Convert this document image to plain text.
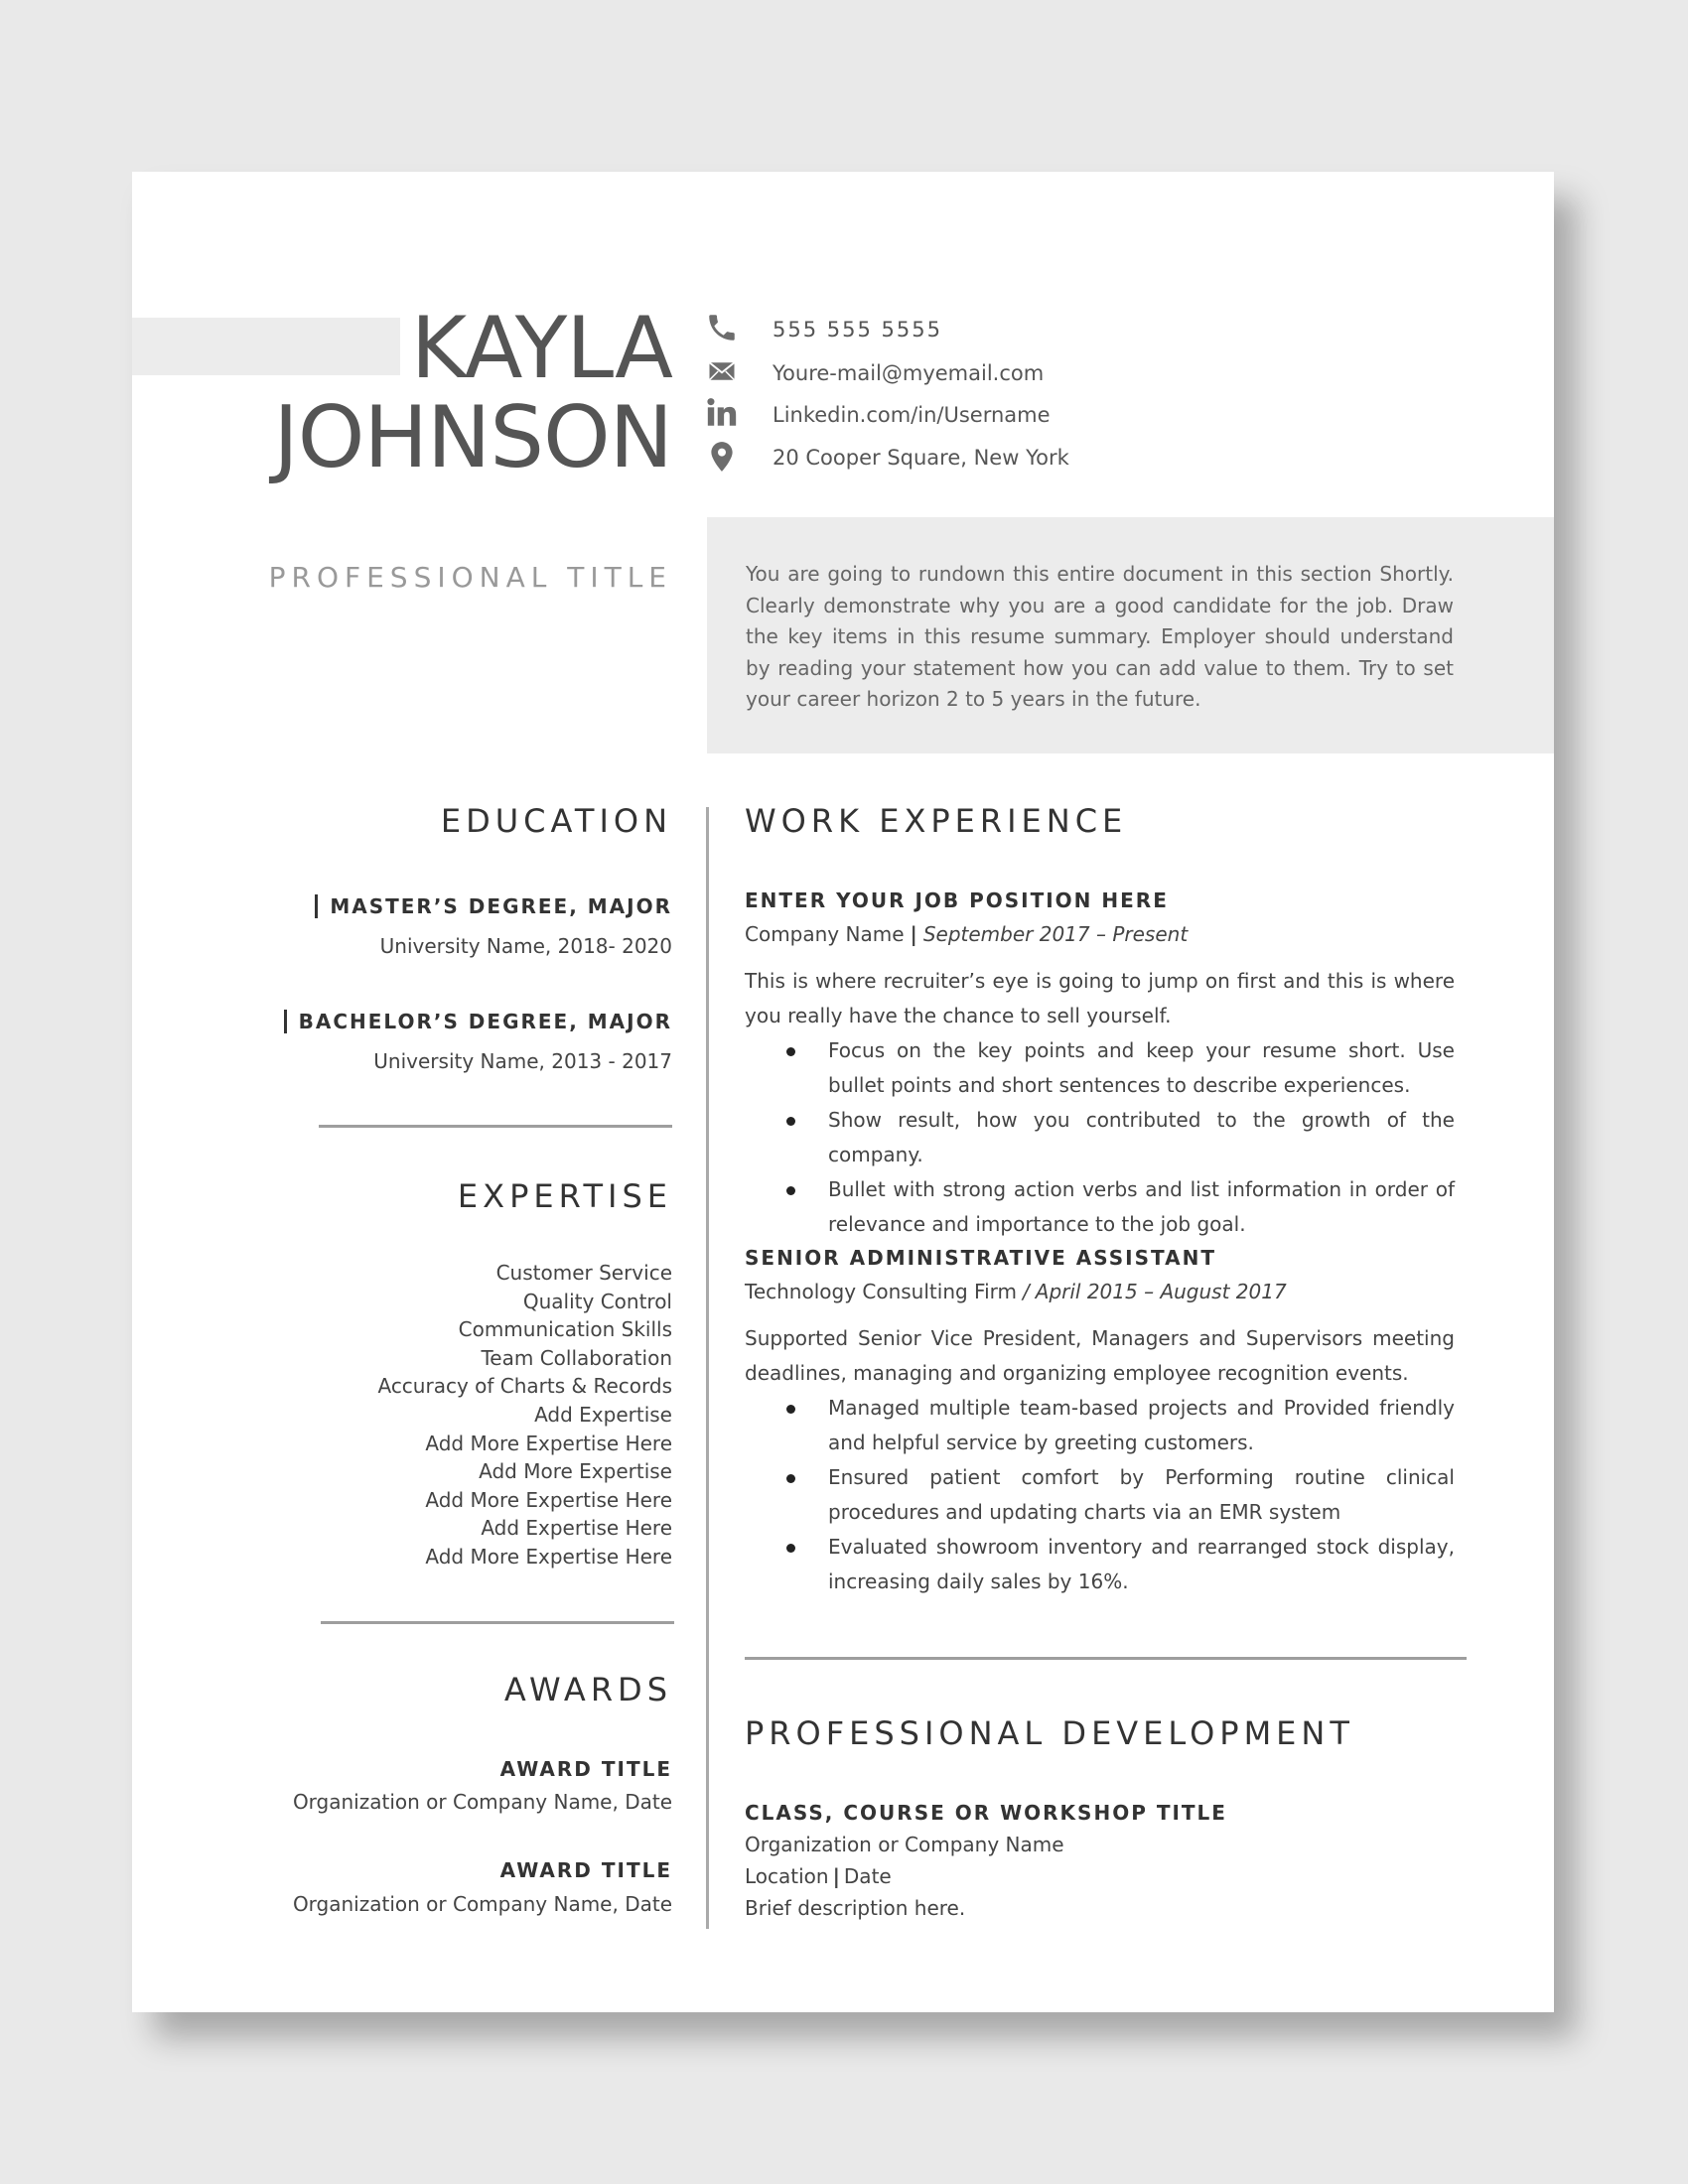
KAYLA
JOHNSON
555 555 5555
Youre-mail@myemail.com
Linkedin.com/in/Username
20 Cooper Square, New York
PROFESSIONAL TITLE	You are going to rundown this entire document in this section Shortly. Clearly demonstrate why you are a good candidate for the job. Draw the key items in this resume summary. Employer should understand by reading your statement how you can add value to them. Try to set your career horizon 2 to 5 years in the future.
EDUCATION
MASTER’S DEGREE, MAJOR
University Name, 2018- 2020
BACHELOR’S DEGREE, MAJOR
University Name, 2013 - 2017
EXPERTISE
Customer Service
Quality Control
Communication Skills
Team Collaboration
Accuracy of Charts & Records
Add Expertise
Add More Expertise Here
Add More Expertise
Add More Expertise Here
Add Expertise Here
Add More Expertise Here
AWARDS
AWARD TITLE
Organization or Company Name, Date
AWARD TITLE
Organization or Company Name, Date
WORK EXPERIENCE
ENTER YOUR JOB POSITION HERE
Company Name | September 2017 – Present
This is where recruiter’s eye is going to jump on first and this is where you really have the chance to sell yourself.
Focus on the key points and keep your resume short. Use bullet points and short sentences to describe experiences.
Show result, how you contributed to the growth of the company.
Bullet with strong action verbs and list information in order of relevance and importance to the job goal.
SENIOR ADMINISTRATIVE ASSISTANT
Technology Consulting Firm / April 2015 – August 2017
Supported Senior Vice President, Managers and Supervisors meeting deadlines, managing and organizing employee recognition events.
Managed multiple team-based projects and Provided friendly and helpful service by greeting customers.
Ensured patient comfort by Performing routine clinical procedures and updating charts via an EMR system
Evaluated showroom inventory and rearranged stock display, increasing daily sales by 16%.
PROFESSIONAL DEVELOPMENT
CLASS, COURSE OR WORKSHOP TITLE
Organization or Company Name
Location | Date
Brief description here.
